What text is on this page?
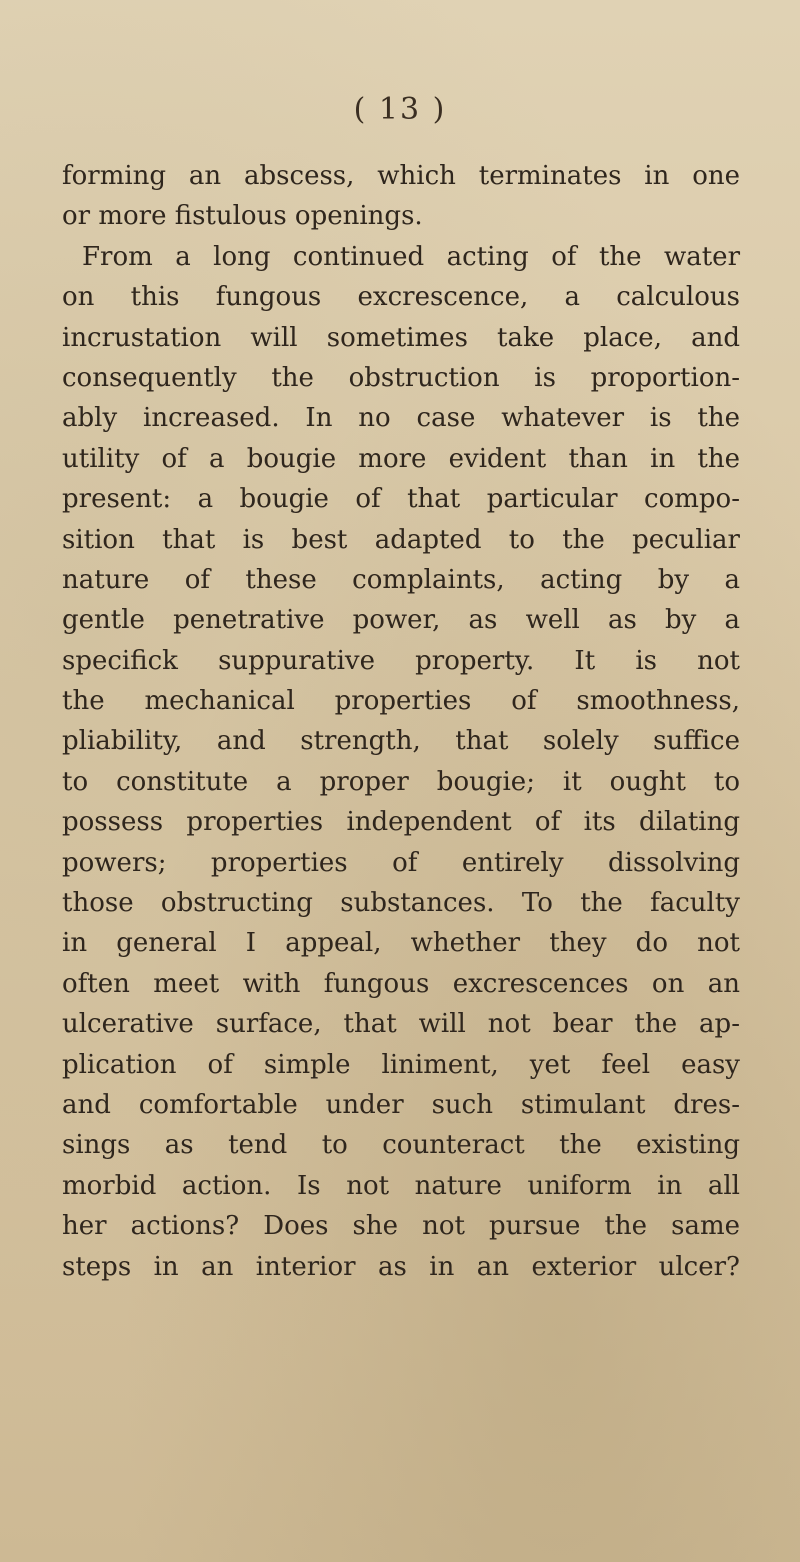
( 13 )
forming an abscess, which terminates in one
or more fistulous openings.
From a long continued acting of the water
on this fungous excrescence, a calculous
incrustation will sometimes take place, and
consequently the obstruction is proportion-
ably increased. In no case whatever is the
utility of a bougie more evident than in the
present: a bougie of that particular compo-
sition that is best adapted to the peculiar
nature of these complaints, acting by a
gentle penetrative power, as well as by a
specifick suppurative property. It is not
the mechanical properties of smoothness,
pliability, and strength, that solely suffice
to constitute a proper bougie; it ought to
possess properties independent of its dilating
powers; properties of entirely dissolving
those obstructing substances. To the faculty
in general I appeal, whether they do not
often meet with fungous excrescences on an
ulcerative surface, that will not bear the ap-
plication of simple liniment, yet feel easy
and comfortable under such stimulant dres-
sings as tend to counteract the existing
morbid action. Is not nature uniform in all
her actions? Does she not pursue the same
steps in an interior as in an exterior ulcer?
